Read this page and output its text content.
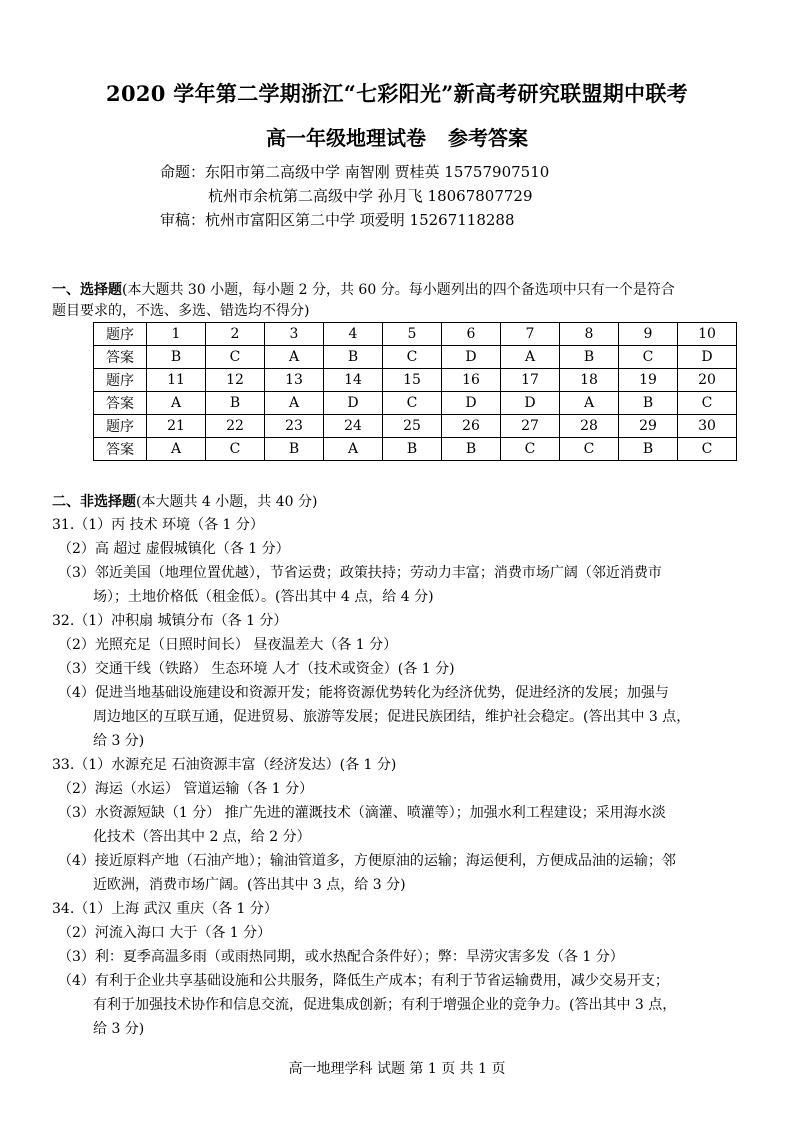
2020 学年第二学期浙江“七彩阳光”新高考研究联盟期中联考
高一年级地理试卷 参考答案
命题：东阳市第二高级中学 南智刚 贾桂英 15757907510
杭州市余杭第二高级中学 孙月飞 18067807729
审稿：杭州市富阳区第二中学 项爱明 15267118288
一、选择题(本大题共 30 小题，每小题 2 分，共 60 分。每小题列出的四个备选项中只有一个是符合
题目要求的，不选、多选、错选均不得分)
题序	1	2	3	4	5	6	7	8	9	10
答案	B	C	A	B	C	D	A	B	C	D
题序	11	12	13	14	15	16	17	18	19	20
答案	A	B	A	D	C	D	D	A	B	C
题序	21	22	23	24	25	26	27	28	29	30
答案	A	C	B	A	B	B	C	C	B	C
二、非选择题(本大题共 4 小题，共 40 分)
31.（1）丙 技术 环境（各 1 分）
（2）高 超过 虚假城镇化（各 1 分）
（3）邻近美国（地理位置优越），节省运费；政策扶持；劳动力丰富；消费市场广阔（邻近消费市
场）；土地价格低（租金低）。(答出其中 4 点，给 4 分)
32.（1）冲积扇 城镇分布（各 1 分）
（2）光照充足（日照时间长） 昼夜温差大（各 1 分）
（3）交通干线（铁路） 生态环境 人才（技术或资金）(各 1 分)
（4）促进当地基础设施建设和资源开发；能将资源优势转化为经济优势，促进经济的发展；加强与
周边地区的互联互通，促进贸易、旅游等发展；促进民族团结，维护社会稳定。(答出其中 3 点，
给 3 分)
33.（1）水源充足 石油资源丰富（经济发达）(各 1 分)
（2）海运（水运） 管道运输（各 1 分）
（3）水资源短缺（1 分） 推广先进的灌溉技术（滴灌、喷灌等）；加强水利工程建设；采用海水淡
化技术（答出其中 2 点，给 2 分）
（4）接近原料产地（石油产地）；输油管道多，方便原油的运输；海运便利，方便成品油的运输；邻
近欧洲，消费市场广阔。(答出其中 3 点，给 3 分)
34.（1）上海 武汉 重庆（各 1 分）
（2）河流入海口 大于（各 1 分）
（3）利：夏季高温多雨（或雨热同期，或水热配合条件好）；弊：旱涝灾害多发（各 1 分）
（4）有利于企业共享基础设施和公共服务，降低生产成本；有利于节省运输费用，减少交易开支；
有利于加强技术协作和信息交流，促进集成创新；有利于增强企业的竞争力。(答出其中 3 点，
给 3 分)
高一地理学科 试题 第 1 页 共 1 页
